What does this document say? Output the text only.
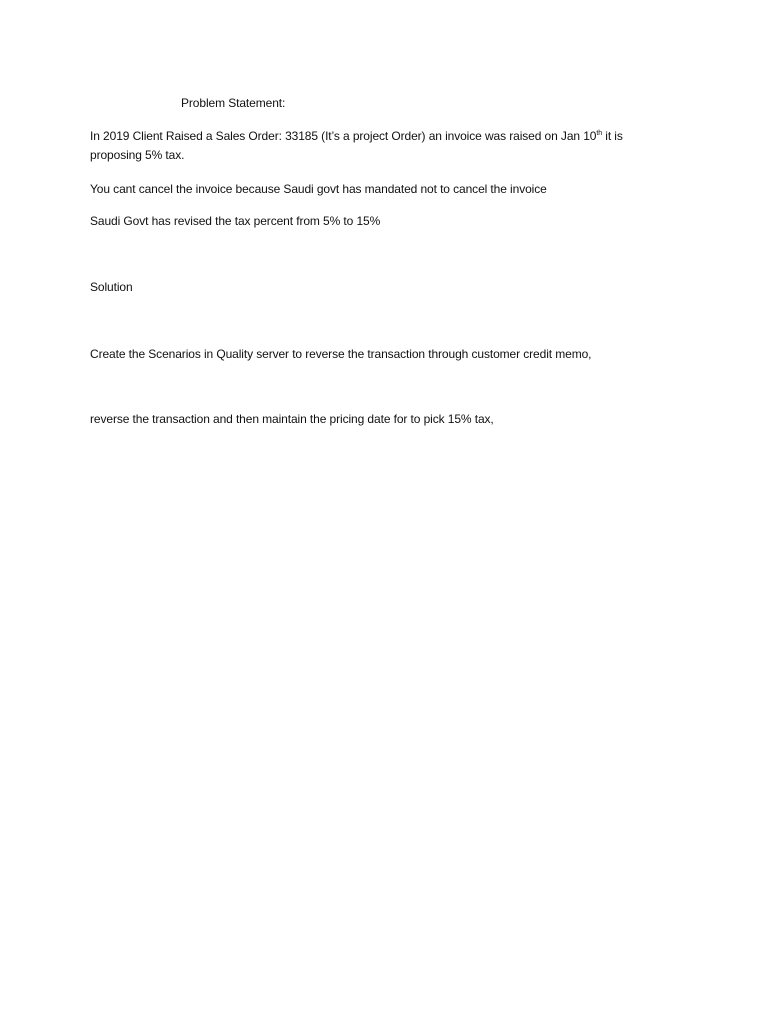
Problem Statement:
In 2019 Client Raised a Sales Order: 33185 (It’s a project Order) an invoice was raised on Jan 10th it is
proposing 5% tax.
You cant cancel the invoice because Saudi govt has mandated not to cancel the invoice
Saudi Govt has revised the tax percent from 5% to 15%
Solution
Create the Scenarios in Quality server to reverse the transaction through customer credit memo,
reverse the transaction and then maintain the pricing date for to pick 15% tax,
